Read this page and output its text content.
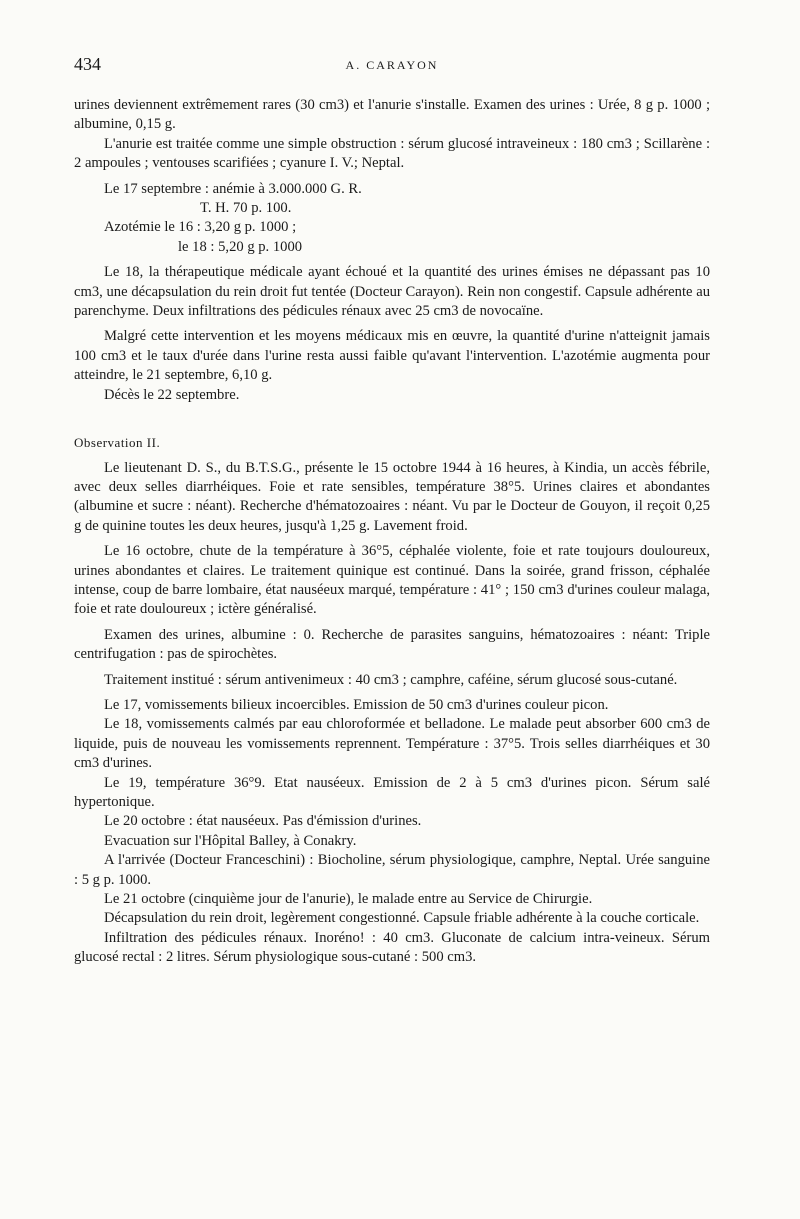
434	A. CARAYON

urines deviennent extrêmement rares (30 cm3) et l'anurie s'installe. Examen des urines : Urée, 8 g p. 1000 ; albumine, 0,15 g.

L'anurie est traitée comme une simple obstruction : sérum glucosé intraveineux : 180 cm3 ; Scillarène : 2 ampoules ; ventouses scarifiées ; cyanure I. V.; Neptal.

Le 17 septembre : anémie à 3.000.000 G. R.

T. H. 70 p. 100.

Azotémie le 16 : 3,20 g p. 1000 ;

le 18 : 5,20 g p. 1000

Le 18, la thérapeutique médicale ayant échoué et la quantité des urines émises ne dépassant pas 10 cm3, une décapsulation du rein droit fut tentée (Docteur Carayon). Rein non congestif. Capsule adhérente au parenchyme. Deux infiltrations des pédicules rénaux avec 25 cm3 de novocaïne.

Malgré cette intervention et les moyens médicaux mis en œuvre, la quantité d'urine n'atteignit jamais 100 cm3 et le taux d'urée dans l'urine resta aussi faible qu'avant l'intervention. L'azotémie augmenta pour atteindre, le 21 septembre, 6,10 g.

Décès le 22 septembre.

Observation II.

Le lieutenant D. S., du B.T.S.G., présente le 15 octobre 1944 à 16 heures, à Kindia, un accès fébrile, avec deux selles diarrhéiques. Foie et rate sensibles, température 38°5. Urines claires et abondantes (albumine et sucre : néant). Recherche d'hématozoaires : néant. Vu par le Docteur de Gouyon, il reçoit 0,25 g de quinine toutes les deux heures, jusqu'à 1,25 g. Lavement froid.

Le 16 octobre, chute de la température à 36°5, céphalée violente, foie et rate toujours douloureux, urines abondantes et claires. Le traitement quinique est continué. Dans la soirée, grand frisson, céphalée intense, coup de barre lombaire, état nauséeux marqué, température : 41° ; 150 cm3 d'urines couleur malaga, foie et rate douloureux ; ictère généralisé.

Examen des urines, albumine : 0. Recherche de parasites sanguins, hématozoaires : néant: Triple centrifugation : pas de spirochètes.

Traitement institué : sérum antivenimeux : 40 cm3 ; camphre, caféine, sérum glucosé sous-cutané.

Le 17, vomissements bilieux incoercibles. Emission de 50 cm3 d'urines couleur picon.

Le 18, vomissements calmés par eau chloroformée et belladone. Le malade peut absorber 600 cm3 de liquide, puis de nouveau les vomissements reprennent. Température : 37°5. Trois selles diarrhéiques et 30 cm3 d'urines.

Le 19, température 36°9. Etat nauséeux. Emission de 2 à 5 cm3 d'urines picon. Sérum salé hypertonique.

Le 20 octobre : état nauséeux. Pas d'émission d'urines.

Evacuation sur l'Hôpital Balley, à Conakry.

A l'arrivée (Docteur Franceschini) : Biocholine, sérum physiologique, camphre, Neptal. Urée sanguine : 5 g p. 1000.

Le 21 octobre (cinquième jour de l'anurie), le malade entre au Service de Chirurgie.

Décapsulation du rein droit, legèrement congestionné. Capsule friable adhérente à la couche corticale.

Infiltration des pédicules rénaux. Inoréno! : 40 cm3. Gluconate de calcium intra-veineux. Sérum glucosé rectal : 2 litres. Sérum physiologique sous-cutané : 500 cm3.
